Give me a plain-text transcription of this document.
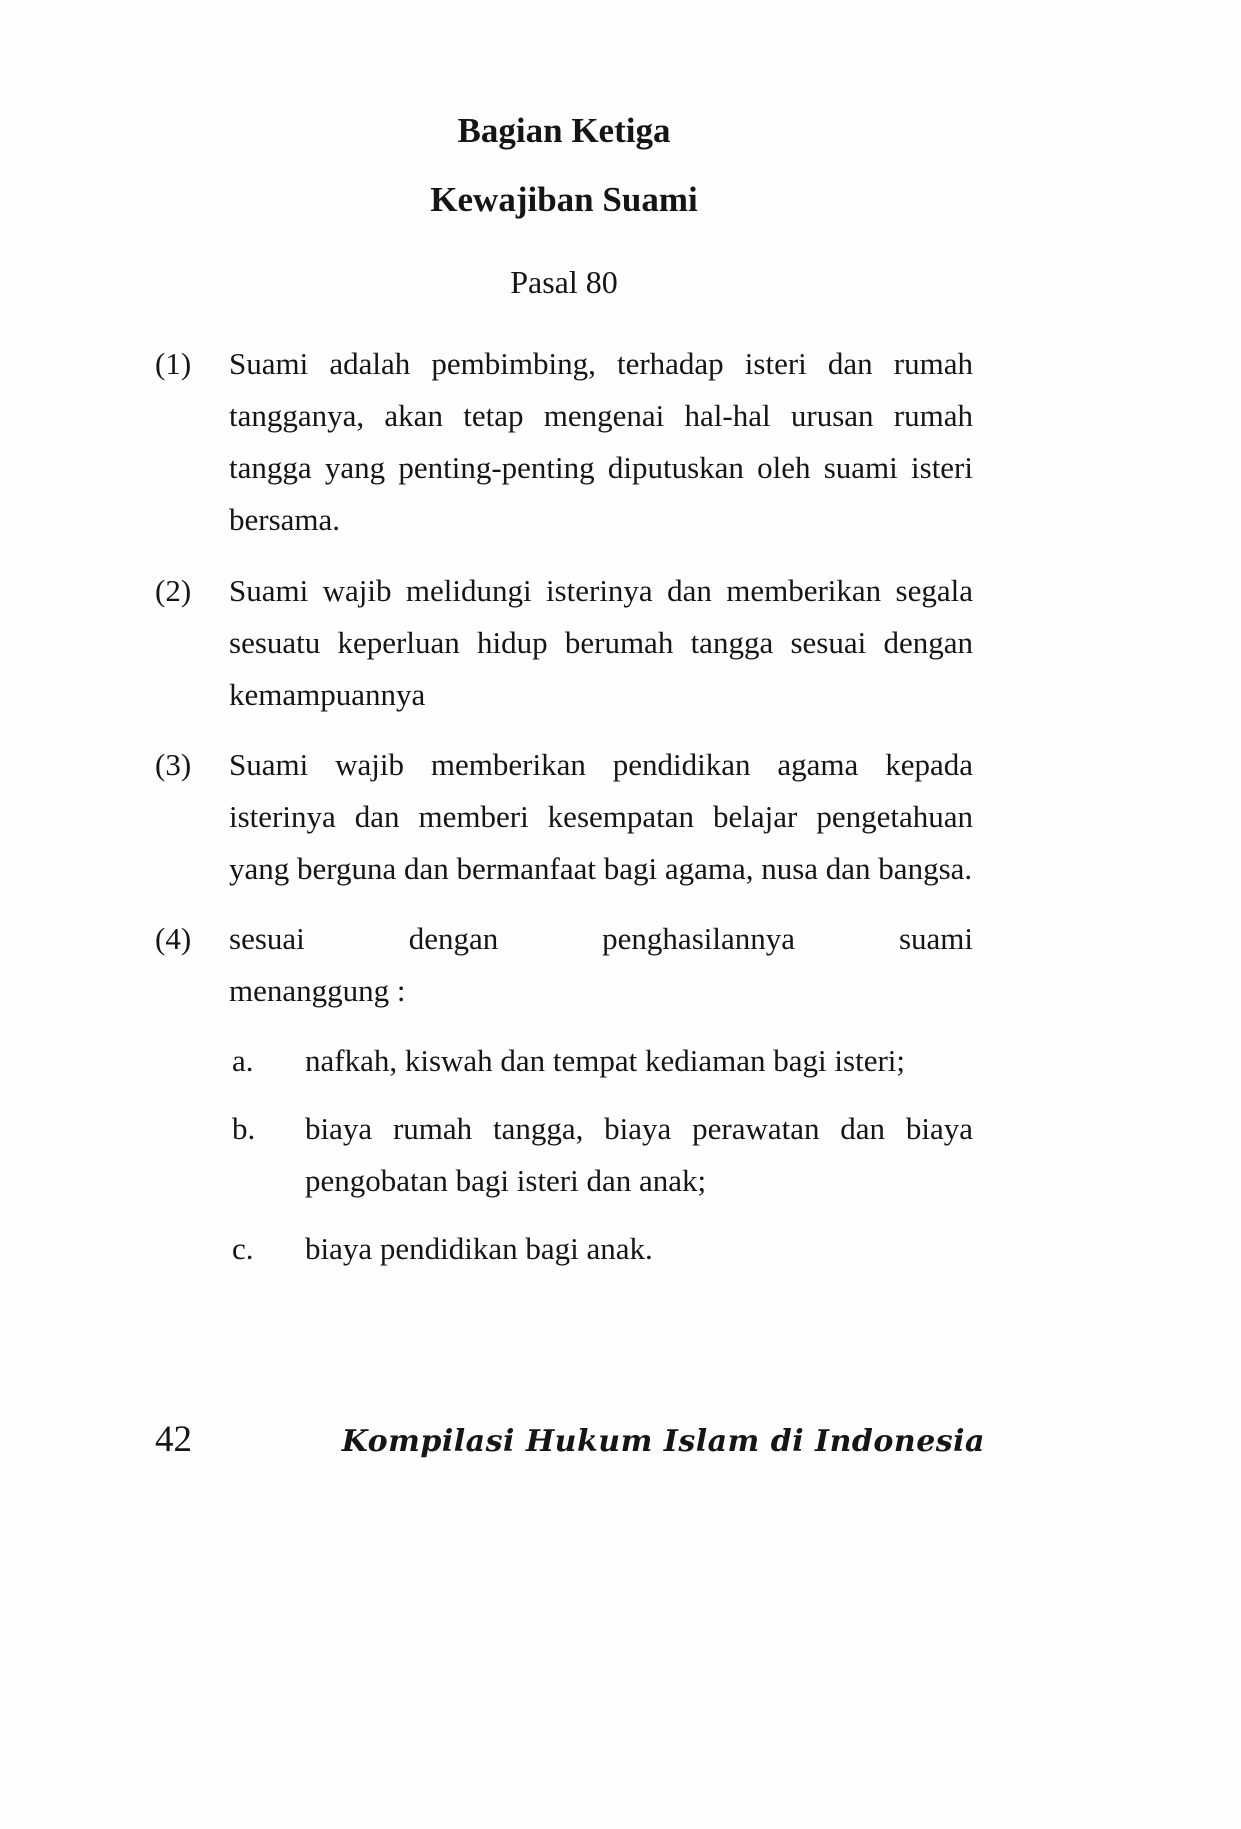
Bagian Ketiga
Kewajiban Suami
Pasal 80
(1)	Suami adalah pembimbing, terhadap isteri dan rumah tangganya, akan tetap mengenai hal-hal urusan rumah tangga yang penting-penting diputuskan oleh suami isteri bersama.
(2)	Suami wajib melidungi isterinya dan memberikan segala sesuatu keperluan hidup berumah tangga sesuai dengan kemampuannya
(3)	Suami wajib memberikan pendidikan agama kepada isterinya dan memberi kesempatan belajar pengetahuan yang berguna dan bermanfaat bagi agama, nusa dan bangsa.
(4)	sesuai dengan penghasilannya suami
menanggung :
a.	nafkah, kiswah dan tempat kediaman bagi isteri;
b.	biaya rumah tangga, biaya perawatan dan biaya pengobatan bagi isteri dan anak;
c.	biaya pendidikan bagi anak.
42	Kompilasi Hukum Islam di Indonesia
